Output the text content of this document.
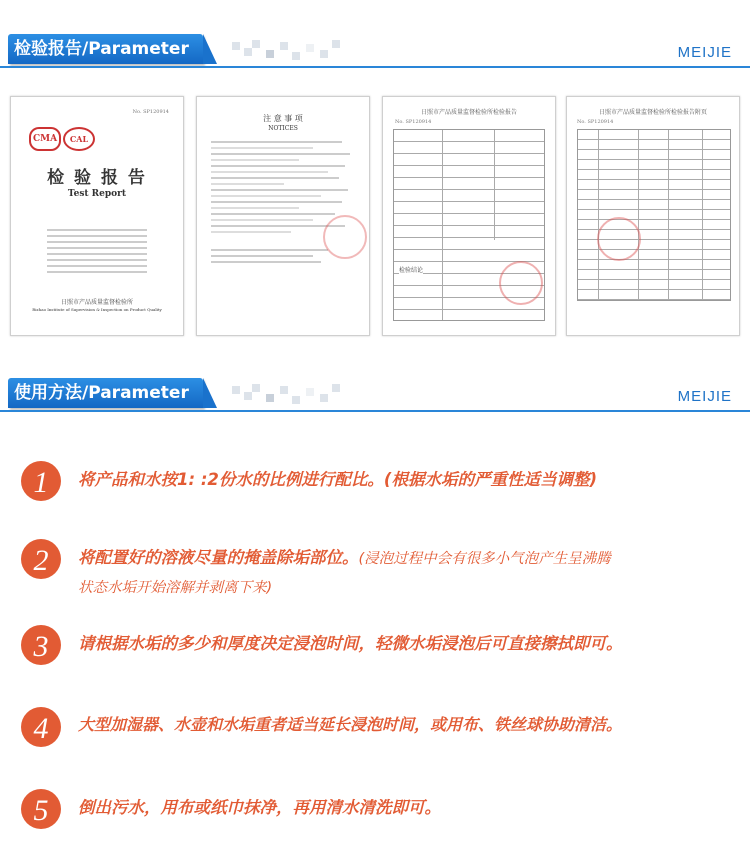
检验报告/Parameter	MEIJIE
No. SP120914
CMA	CAL
检 验 报 告
Test Report
日照市产品质量监督检验所
Rizhao Institute of Supervision & Inspection on Product Quality
注 意 事 项
NOTICES
日照市产品质量监督检验所检验报告
No. SP120914
检验结论
日照市产品质量监督检验所检验报告附页
No. SP120914
使用方法/Parameter	MEIJIE
1 将产品和水按1: :2份水的比例进行配比。(根据水垢的严重性适当调整)
2 将配置好的溶液尽量的掩盖除垢部位。(浸泡过程中会有很多小气泡产生呈沸腾
状态水垢开始溶解并剥离下来)
3 请根据水垢的多少和厚度决定浸泡时间，轻微水垢浸泡后可直接擦拭即可。
4 大型加湿器、水壶和水垢重者适当延长浸泡时间，或用布、铁丝球协助清洁。
5 倒出污水，用布或纸巾抹净，再用清水清洗即可。
